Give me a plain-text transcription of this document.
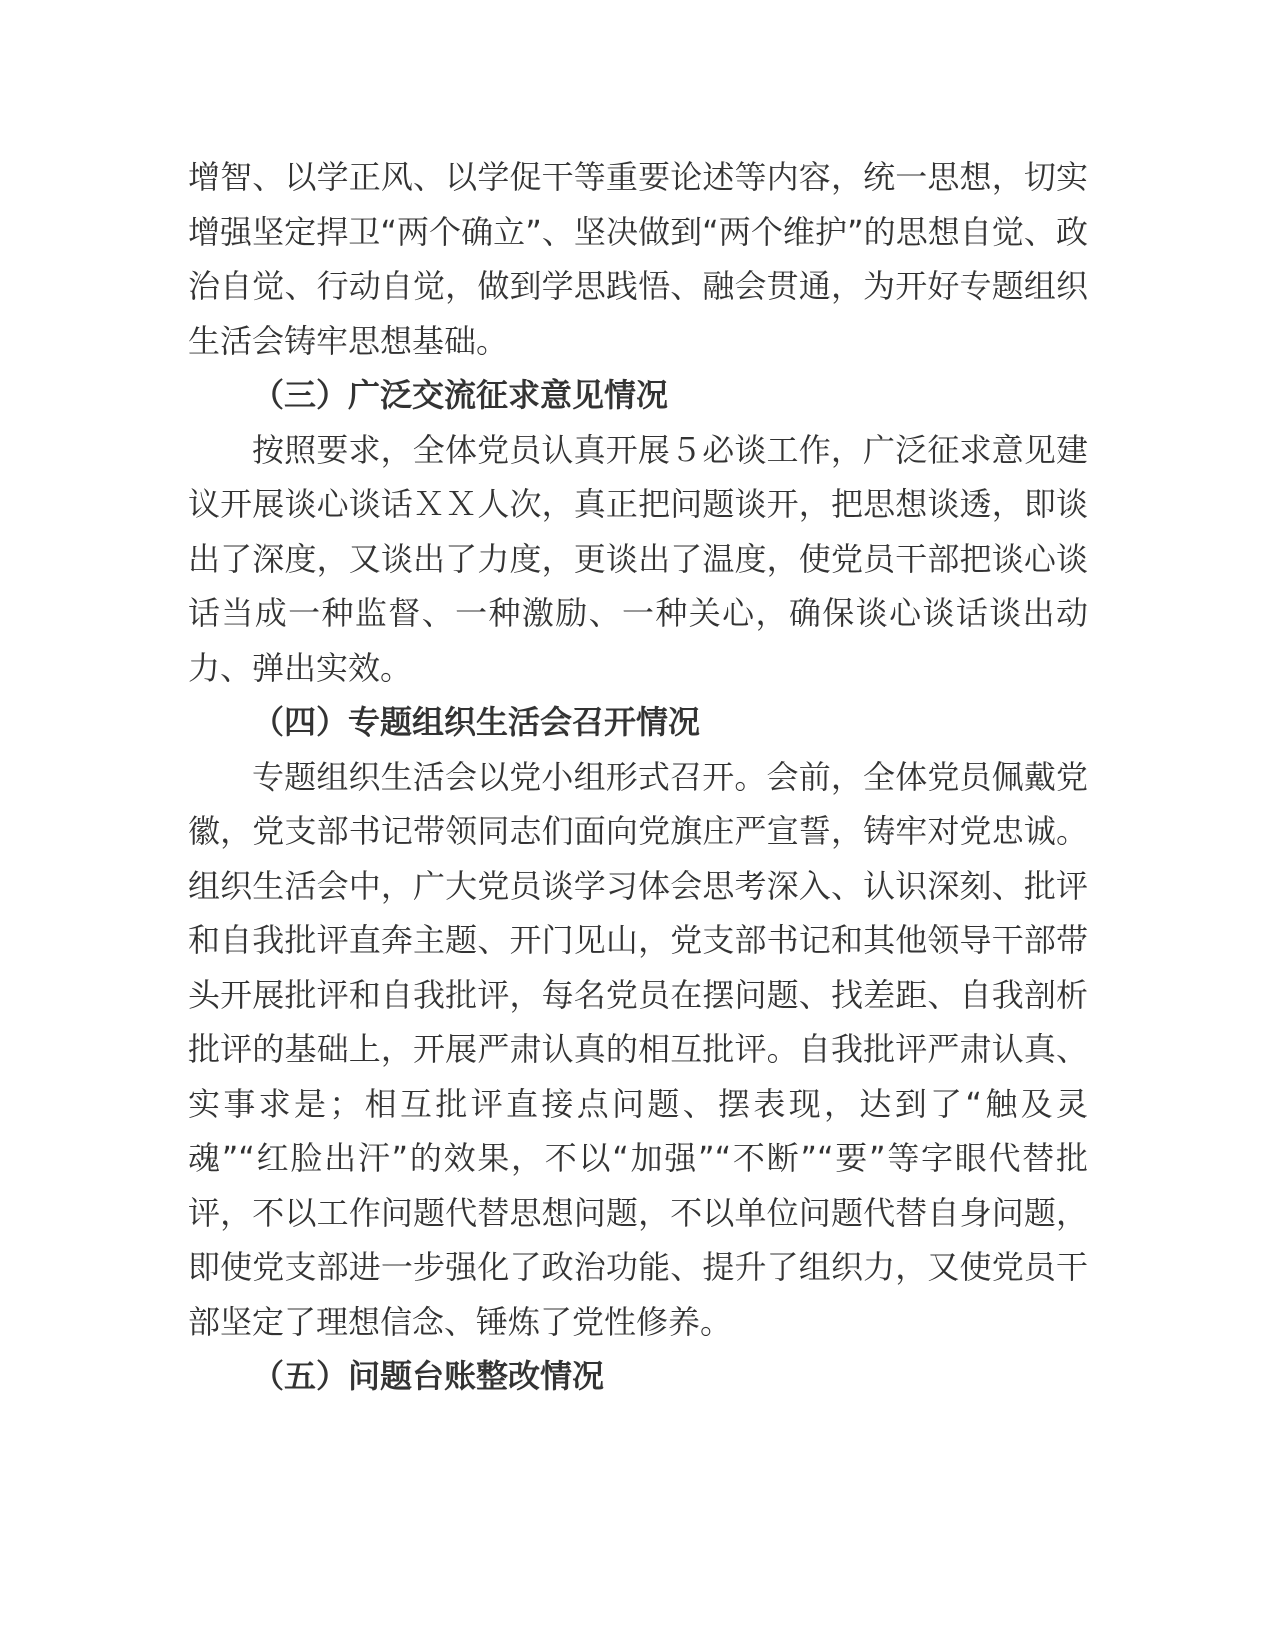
增智、以学正风、以学促干等重要论述等内容，统一思想，切实增强坚定捍卫“两个确立”、坚决做到“两个维护”的思想自觉、政治自觉、行动自觉，做到学思践悟、融会贯通，为开好专题组织生活会铸牢思想基础。

（三）广泛交流征求意见情况

按照要求，全体党员认真开展５必谈工作，广泛征求意见建议开展谈心谈话ＸＸ人次，真正把问题谈开，把思想谈透，即谈出了深度，又谈出了力度，更谈出了温度，使党员干部把谈心谈话当成一种监督、一种激励、一种关心，确保谈心谈话谈出动力、弹出实效。

（四）专题组织生活会召开情况

专题组织生活会以党小组形式召开。会前，全体党员佩戴党徽，党支部书记带领同志们面向党旗庄严宣誓，铸牢对党忠诚。组织生活会中，广大党员谈学习体会思考深入、认识深刻、批评和自我批评直奔主题、开门见山，党支部书记和其他领导干部带头开展批评和自我批评，每名党员在摆问题、找差距、自我剖析批评的基础上，开展严肃认真的相互批评。自我批评严肃认真、实事求是；相互批评直接点问题、摆表现，达到了“触及灵魂”“红脸出汗”的效果，不以“加强”“不断”“要”等字眼代替批评，不以工作问题代替思想问题，不以单位问题代替自身问题，即使党支部进一步强化了政治功能、提升了组织力，又使党员干部坚定了理想信念、锤炼了党性修养。

（五）问题台账整改情况
